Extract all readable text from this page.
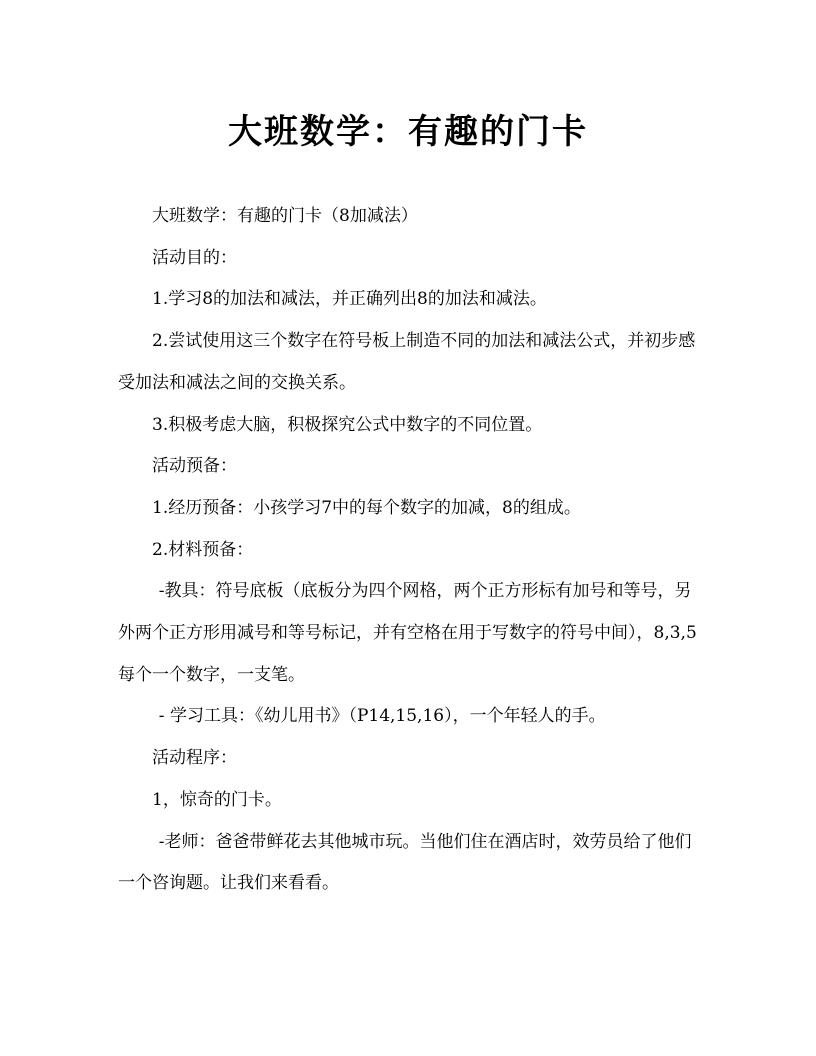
大班数学：有趣的门卡

大班数学：有趣的门卡（8加减法）

活动目的：

1.学习8的加法和减法，并正确列出8的加法和减法。

2.尝试使用这三个数字在符号板上制造不同的加法和减法公式，并初步感受加法和减法之间的交换关系。

3.积极考虑大脑，积极探究公式中数字的不同位置。

活动预备：

1.经历预备：小孩学习7中的每个数字的加减，8的组成。

2.材料预备：

-教具：符号底板（底板分为四个网格，两个正方形标有加号和等号，另外两个正方形用减号和等号标记，并有空格在用于写数字的符号中间），8,3,5每个一个数字，一支笔。

- 学习工具：《幼儿用书》（P14,15,16），一个年轻人的手。

活动程序：

1，惊奇的门卡。

-老师：爸爸带鲜花去其他城市玩。当他们住在酒店时，效劳员给了他们一个咨询题。让我们来看看。
